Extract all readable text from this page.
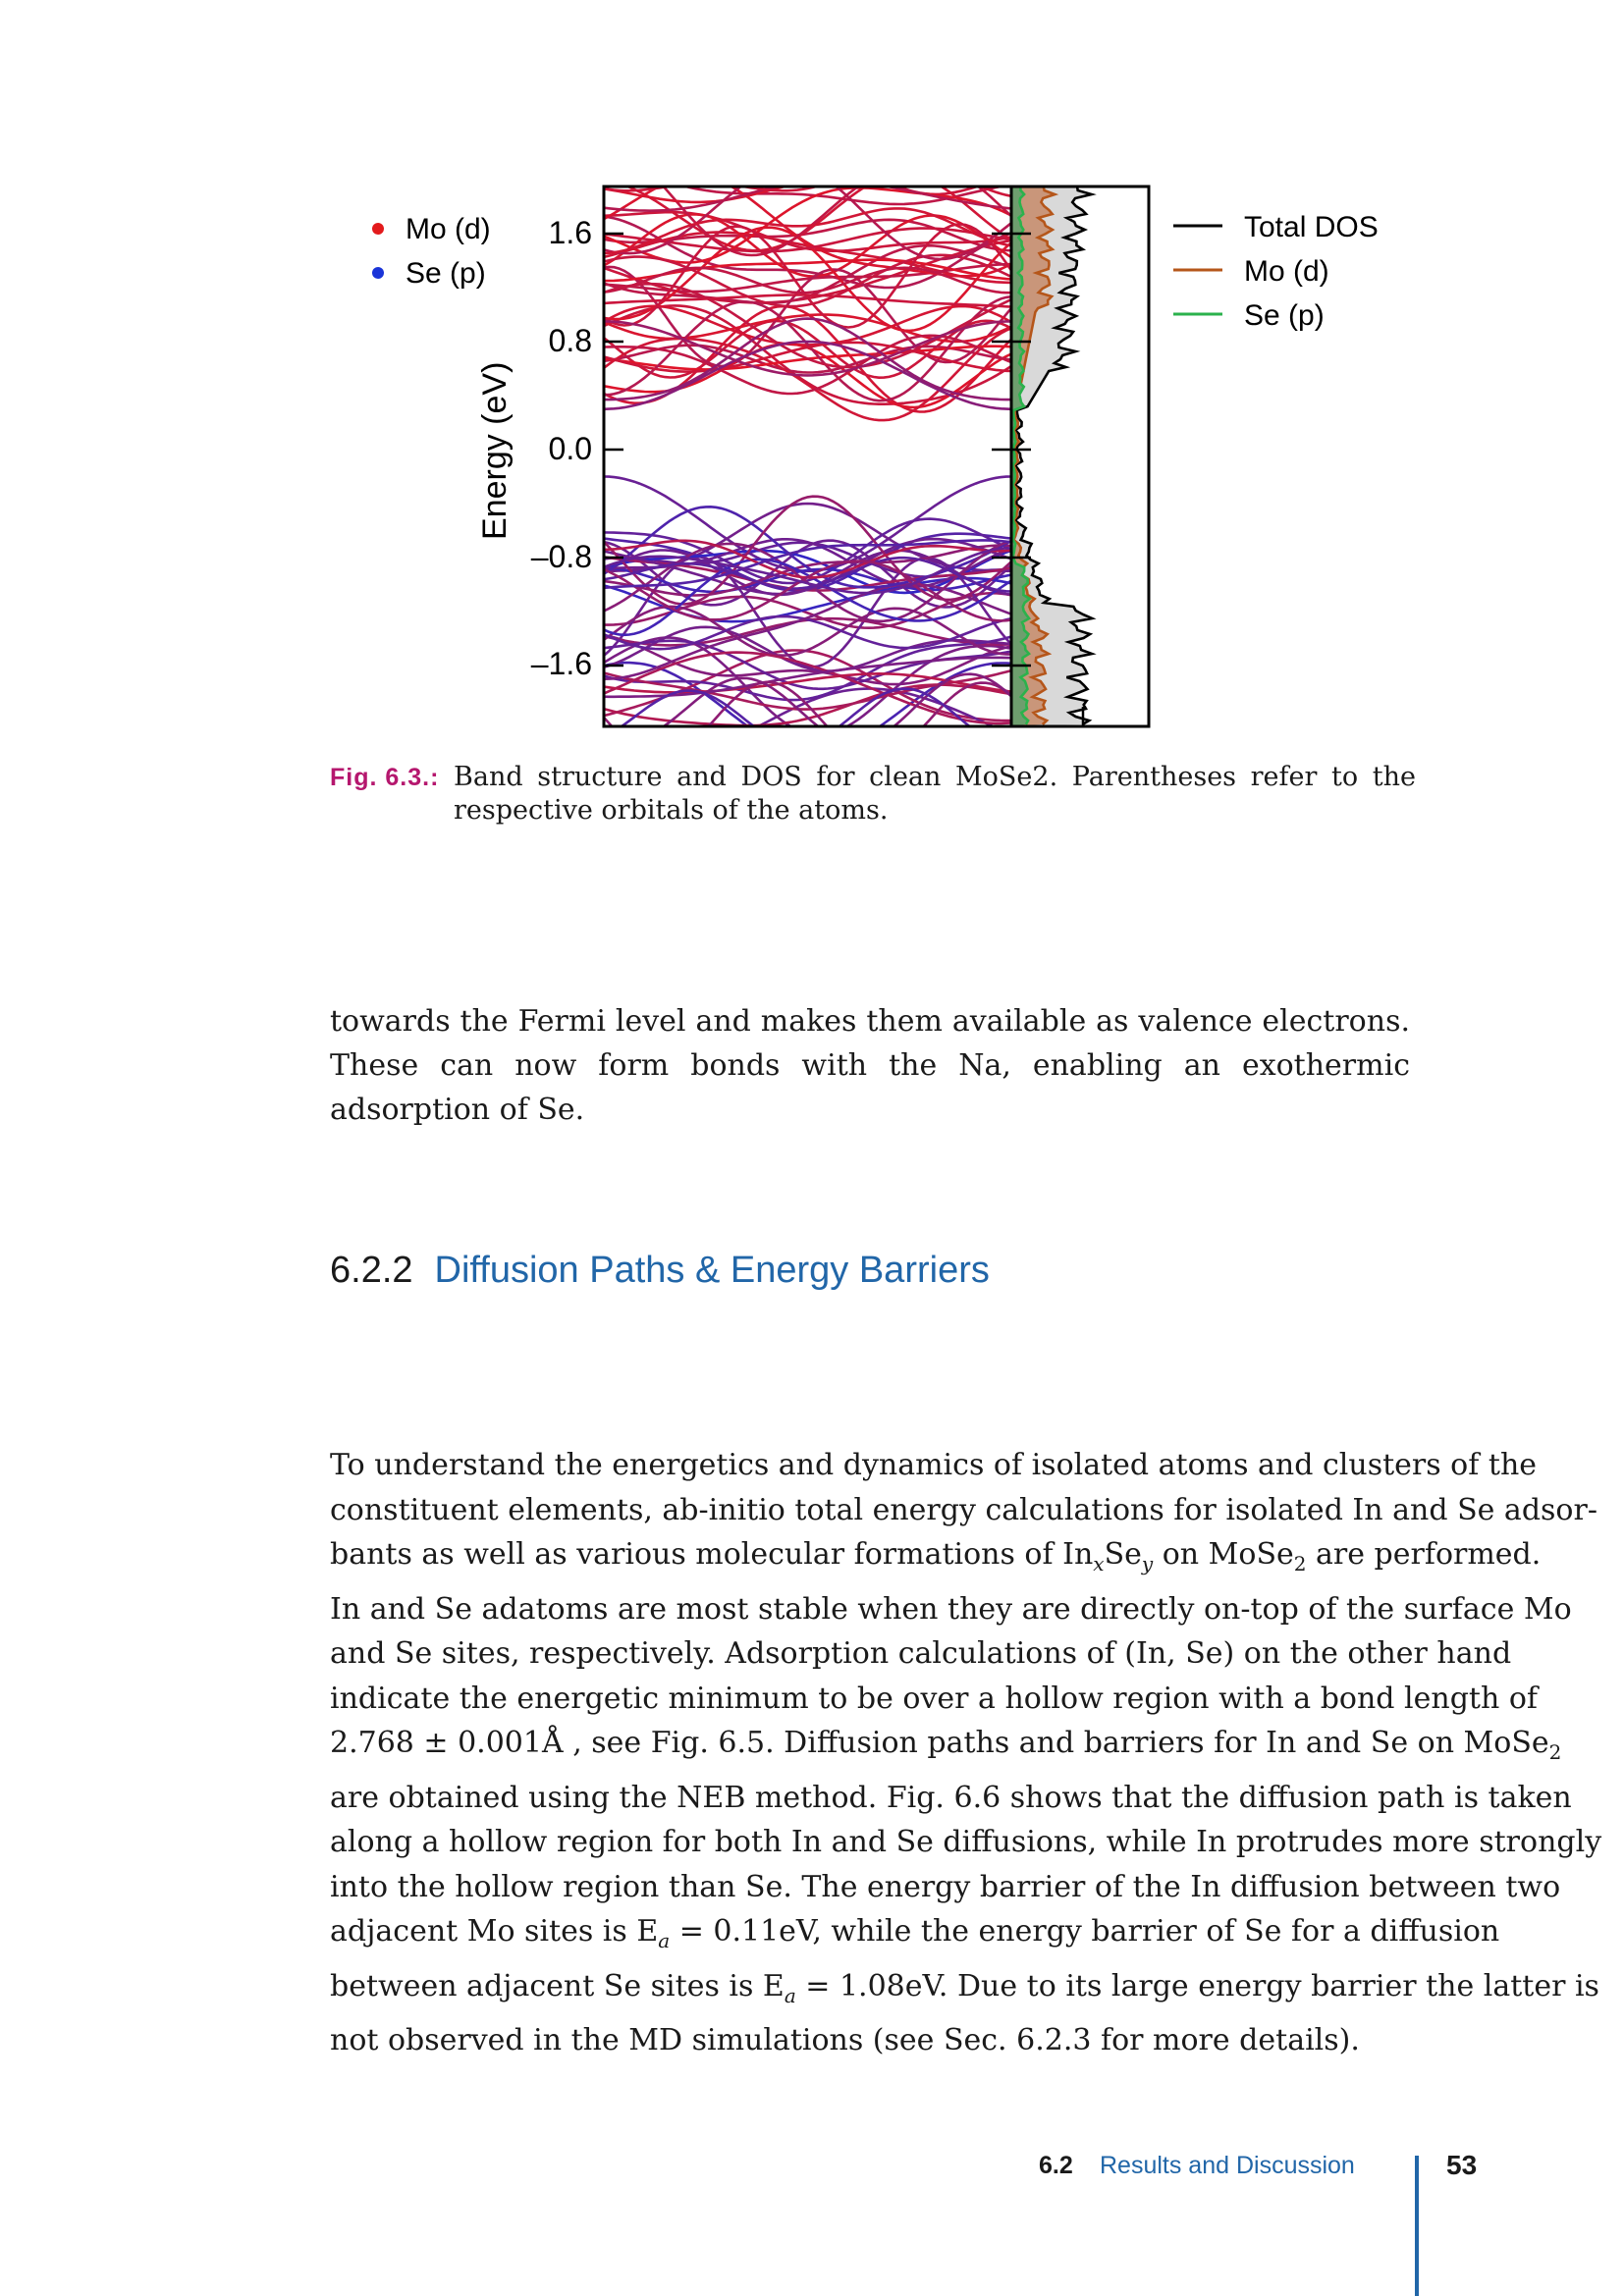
Mo (d)
Se (p)
Energy (eV)
1.6
0.8
0.0
–0.8
–1.6
Total DOS
Mo (d)
Se (p)
Fig. 6.3.: Band structure and DOS for clean MoSe2. Parentheses refer to the respective orbitals of the atoms.
towards the Fermi level and makes them available as valence electrons. These can now form bonds with the Na, enabling an exothermic adsorption of Se.
6.2.2 Diffusion Paths & Energy Barriers
To understand the energetics and dynamics of isolated atoms and clusters of the
constituent elements, ab-initio total energy calculations for isolated In and Se adsor-
bants as well as various molecular formations of $In_xSe_y$ on MoSe$_2$ are performed.
In and Se adatoms are most stable when they are directly on-top of the surface Mo
and Se sites, respectively. Adsorption calculations of (In, Se) on the other hand
indicate the energetic minimum to be over a hollow region with a bond length of
2.768 ± 0.001Å , see Fig. 6.5. Diffusion paths and barriers for In and Se on MoSe$_2$
are obtained using the NEB method. Fig. 6.6 shows that the diffusion path is taken
along a hollow region for both In and Se diffusions, while In protrudes more strongly
into the hollow region than Se. The energy barrier of the In diffusion between two
adjacent Mo sites is $E_a = 0.11eV$, while the energy barrier of Se for a diffusion
between adjacent Se sites is $E_a = 1.08eV$. Due to its large energy barrier the latter is
not observed in the MD simulations (see Sec. 6.2.3 for more details).
6.2 Results and Discussion	53
